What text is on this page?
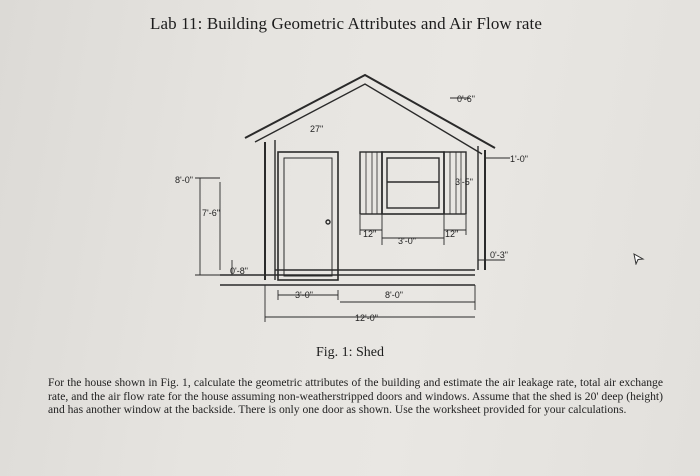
Lab 11: Building Geometric Attributes and Air Flow rate
8'-0"
7'-6"
0'-8"
3'-0"
27"
12"
3'-0"
12"
3'-5"
0'-6"
1'-0"
0'-3"
8'-0"
12'-0"
Fig. 1: Shed
For the house shown in Fig. 1, calculate the geometric attributes of the building and estimate the air leakage rate, total air exchange rate, and the air flow rate for the house assuming non-weatherstripped doors and windows. Assume that the shed is 20' deep (height) and has another window at the backside. There is only one door as shown. Use the worksheet provided for your calculations.
